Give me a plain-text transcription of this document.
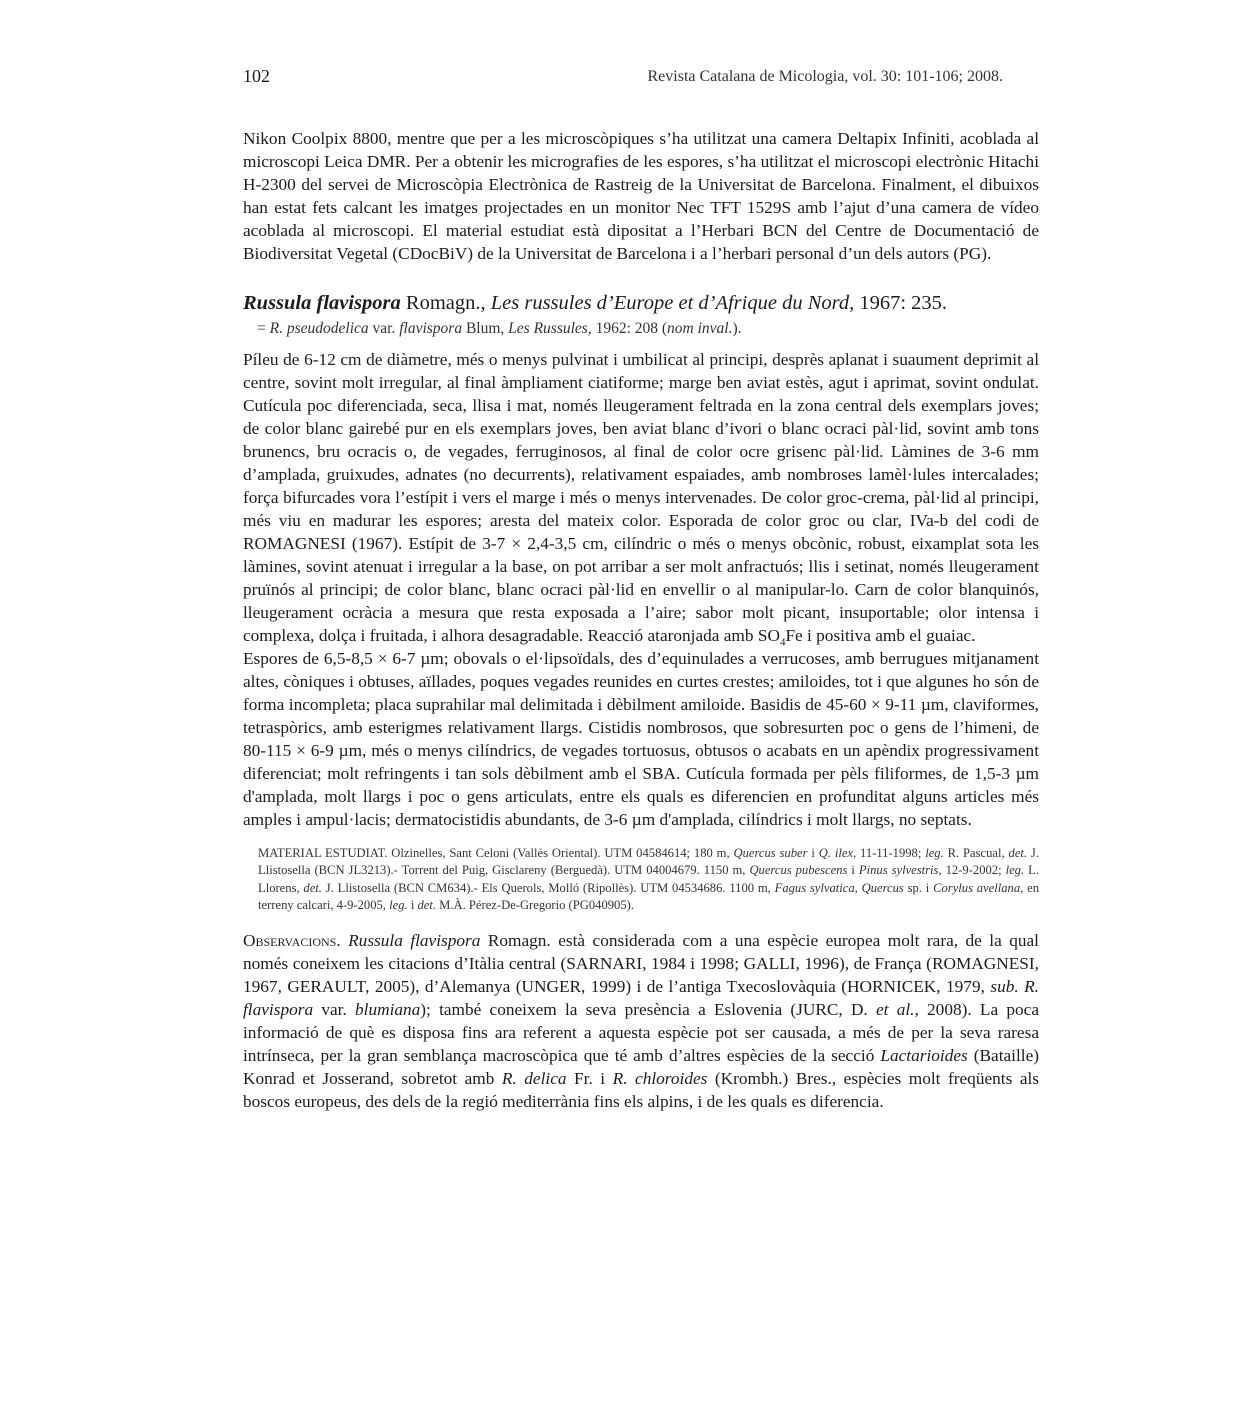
102	Revista Catalana de Micologia, vol. 30: 101-106; 2008.

Nikon Coolpix 8800, mentre que per a les microscòpiques s’ha utilitzat una camera Deltapix Infiniti, acoblada al microscopi Leica DMR. Per a obtenir les micrografies de les espores, s’ha utilitzat el microscopi electrònic Hitachi H-2300 del servei de Microscòpia Electrònica de Rastreig de la Universitat de Barcelona. Finalment, el dibuixos han estat fets calcant les imatges projectades en un monitor Nec TFT 1529S amb l’ajut d’una camera de vídeo acoblada al microscopi. El material estudiat està dipositat a l’Herbari BCN del Centre de Documentació de Biodiversitat Vegetal (CDocBiV) de la Universitat de Barcelona i a l’herbari personal d’un dels autors (PG).

Russula flavispora Romagn., Les russules d’Europe et d’Afrique du Nord, 1967: 235.
= R. pseudodelica var. flavispora Blum, Les Russules, 1962: 208 (nom inval.).

Píleu de 6-12 cm de diàmetre, més o menys pulvinat i umbilicat al principi, desprès aplanat i suaument deprimit al centre, sovint molt irregular, al final àmpliament ciatiforme; marge ben aviat estès, agut i aprimat, sovint ondulat. Cutícula poc diferenciada, seca, llisa i mat, només lleugerament feltrada en la zona central dels exemplars joves; de color blanc gairebé pur en els exemplars joves, ben aviat blanc d’ivori o blanc ocraci pàl·lid, sovint amb tons brunencs, bru ocracis o, de vegades, ferruginosos, al final de color ocre grisenc pàl·lid. Làmines de 3-6 mm d’amplada, gruixudes, adnates (no decurrents), relativament espaiades, amb nombroses lamèl·lules intercalades; força bifurcades vora l’estípit i vers el marge i més o menys intervenades. De color groc-crema, pàl·lid al principi, més viu en madurar les espores; aresta del mateix color. Esporada de color groc ou clar, IVa-b del codi de ROMAGNESI (1967). Estípit de 3-7 × 2,4-3,5 cm, cilíndric o més o menys obcònic, robust, eixamplat sota les làmines, sovint atenuat i irregular a la base, on pot arribar a ser molt anfractuós; llis i setinat, només lleugerament pruïnós al principi; de color blanc, blanc ocraci pàl·lid en envellir o al manipular-lo. Carn de color blanquinós, lleugerament ocràcia a mesura que resta exposada a l’aire; sabor molt picant, insuportable; olor intensa i complexa, dolça i fruitada, i alhora desagradable. Reacció ataronjada amb $SO_4Fe$ i positiva amb el guaiac.

Espores de 6,5-8,5 × 6-7 µm; obovals o el·lipsoïdals, des d’equinulades a verrucoses, amb berrugues mitjanament altes, còniques i obtuses, aïllades, poques vegades reunides en curtes crestes; amiloides, tot i que algunes ho són de forma incompleta; placa suprahilar mal delimitada i dèbilment amiloide. Basidis de 45-60 × 9-11 µm, claviformes, tetraspòrics, amb esterigmes relativament llargs. Cistidis nombrosos, que sobresurten poc o gens de l’himeni, de 80-115 × 6-9 µm, més o menys cilíndrics, de vegades tortuosus, obtusos o acabats en un apèndix progressivament diferenciat; molt refringents i tan sols dèbilment amb el SBA. Cutícula formada per pèls filiformes, de 1,5-3 µm d'amplada, molt llargs i poc o gens articulats, entre els quals es diferencien en profunditat alguns articles més amples i ampul·lacis; dermatocistidis abundants, de 3-6 µm d'amplada, cilíndrics i molt llargs, no septats.

MATERIAL ESTUDIAT. Olzinelles, Sant Celoni (Vallès Oriental). UTM 04584614; 180 m, Quercus suber i Q. ilex, 11-11-1998; leg. R. Pascual, det. J. Llistosella (BCN JL3213).- Torrent del Puig, Gisclareny (Berguedà). UTM 04004679. 1150 m, Quercus pubescens i Pinus sylvestris, 12-9-2002; leg. L. Llorens, det. J. Llistosella (BCN CM634).- Els Querols, Molló (Ripollès). UTM 04534686. 1100 m, Fagus sylvatica, Quercus sp. i Corylus avellana, en terreny calcari, 4-9-2005, leg. i det. M.À. Pérez-De-Gregorio (PG040905).

Observacions. Russula flavispora Romagn. està considerada com a una espècie europea molt rara, de la qual només coneixem les citacions d’Itàlia central (SARNARI, 1984 i 1998; GALLI, 1996), de França (ROMAGNESI, 1967, GERAULT, 2005), d’Alemanya (UNGER, 1999) i de l’antiga Txecoslovàquia (HORNICEK, 1979, sub. R. flavispora var. blumiana); també coneixem la seva presència a Eslovenia (JURC, D. et al., 2008). La poca informació de què es disposa fins ara referent a aquesta espècie pot ser causada, a més de per la seva raresa intrínseca, per la gran semblança macroscòpica que té amb d’altres espècies de la secció Lactarioides (Bataille) Konrad et Josserand, sobretot amb R. delica Fr. i R. chloroides (Krombh.) Bres., espècies molt freqüents als boscos europeus, des dels de la regió mediterrània fins els alpins, i de les quals es diferencia.
